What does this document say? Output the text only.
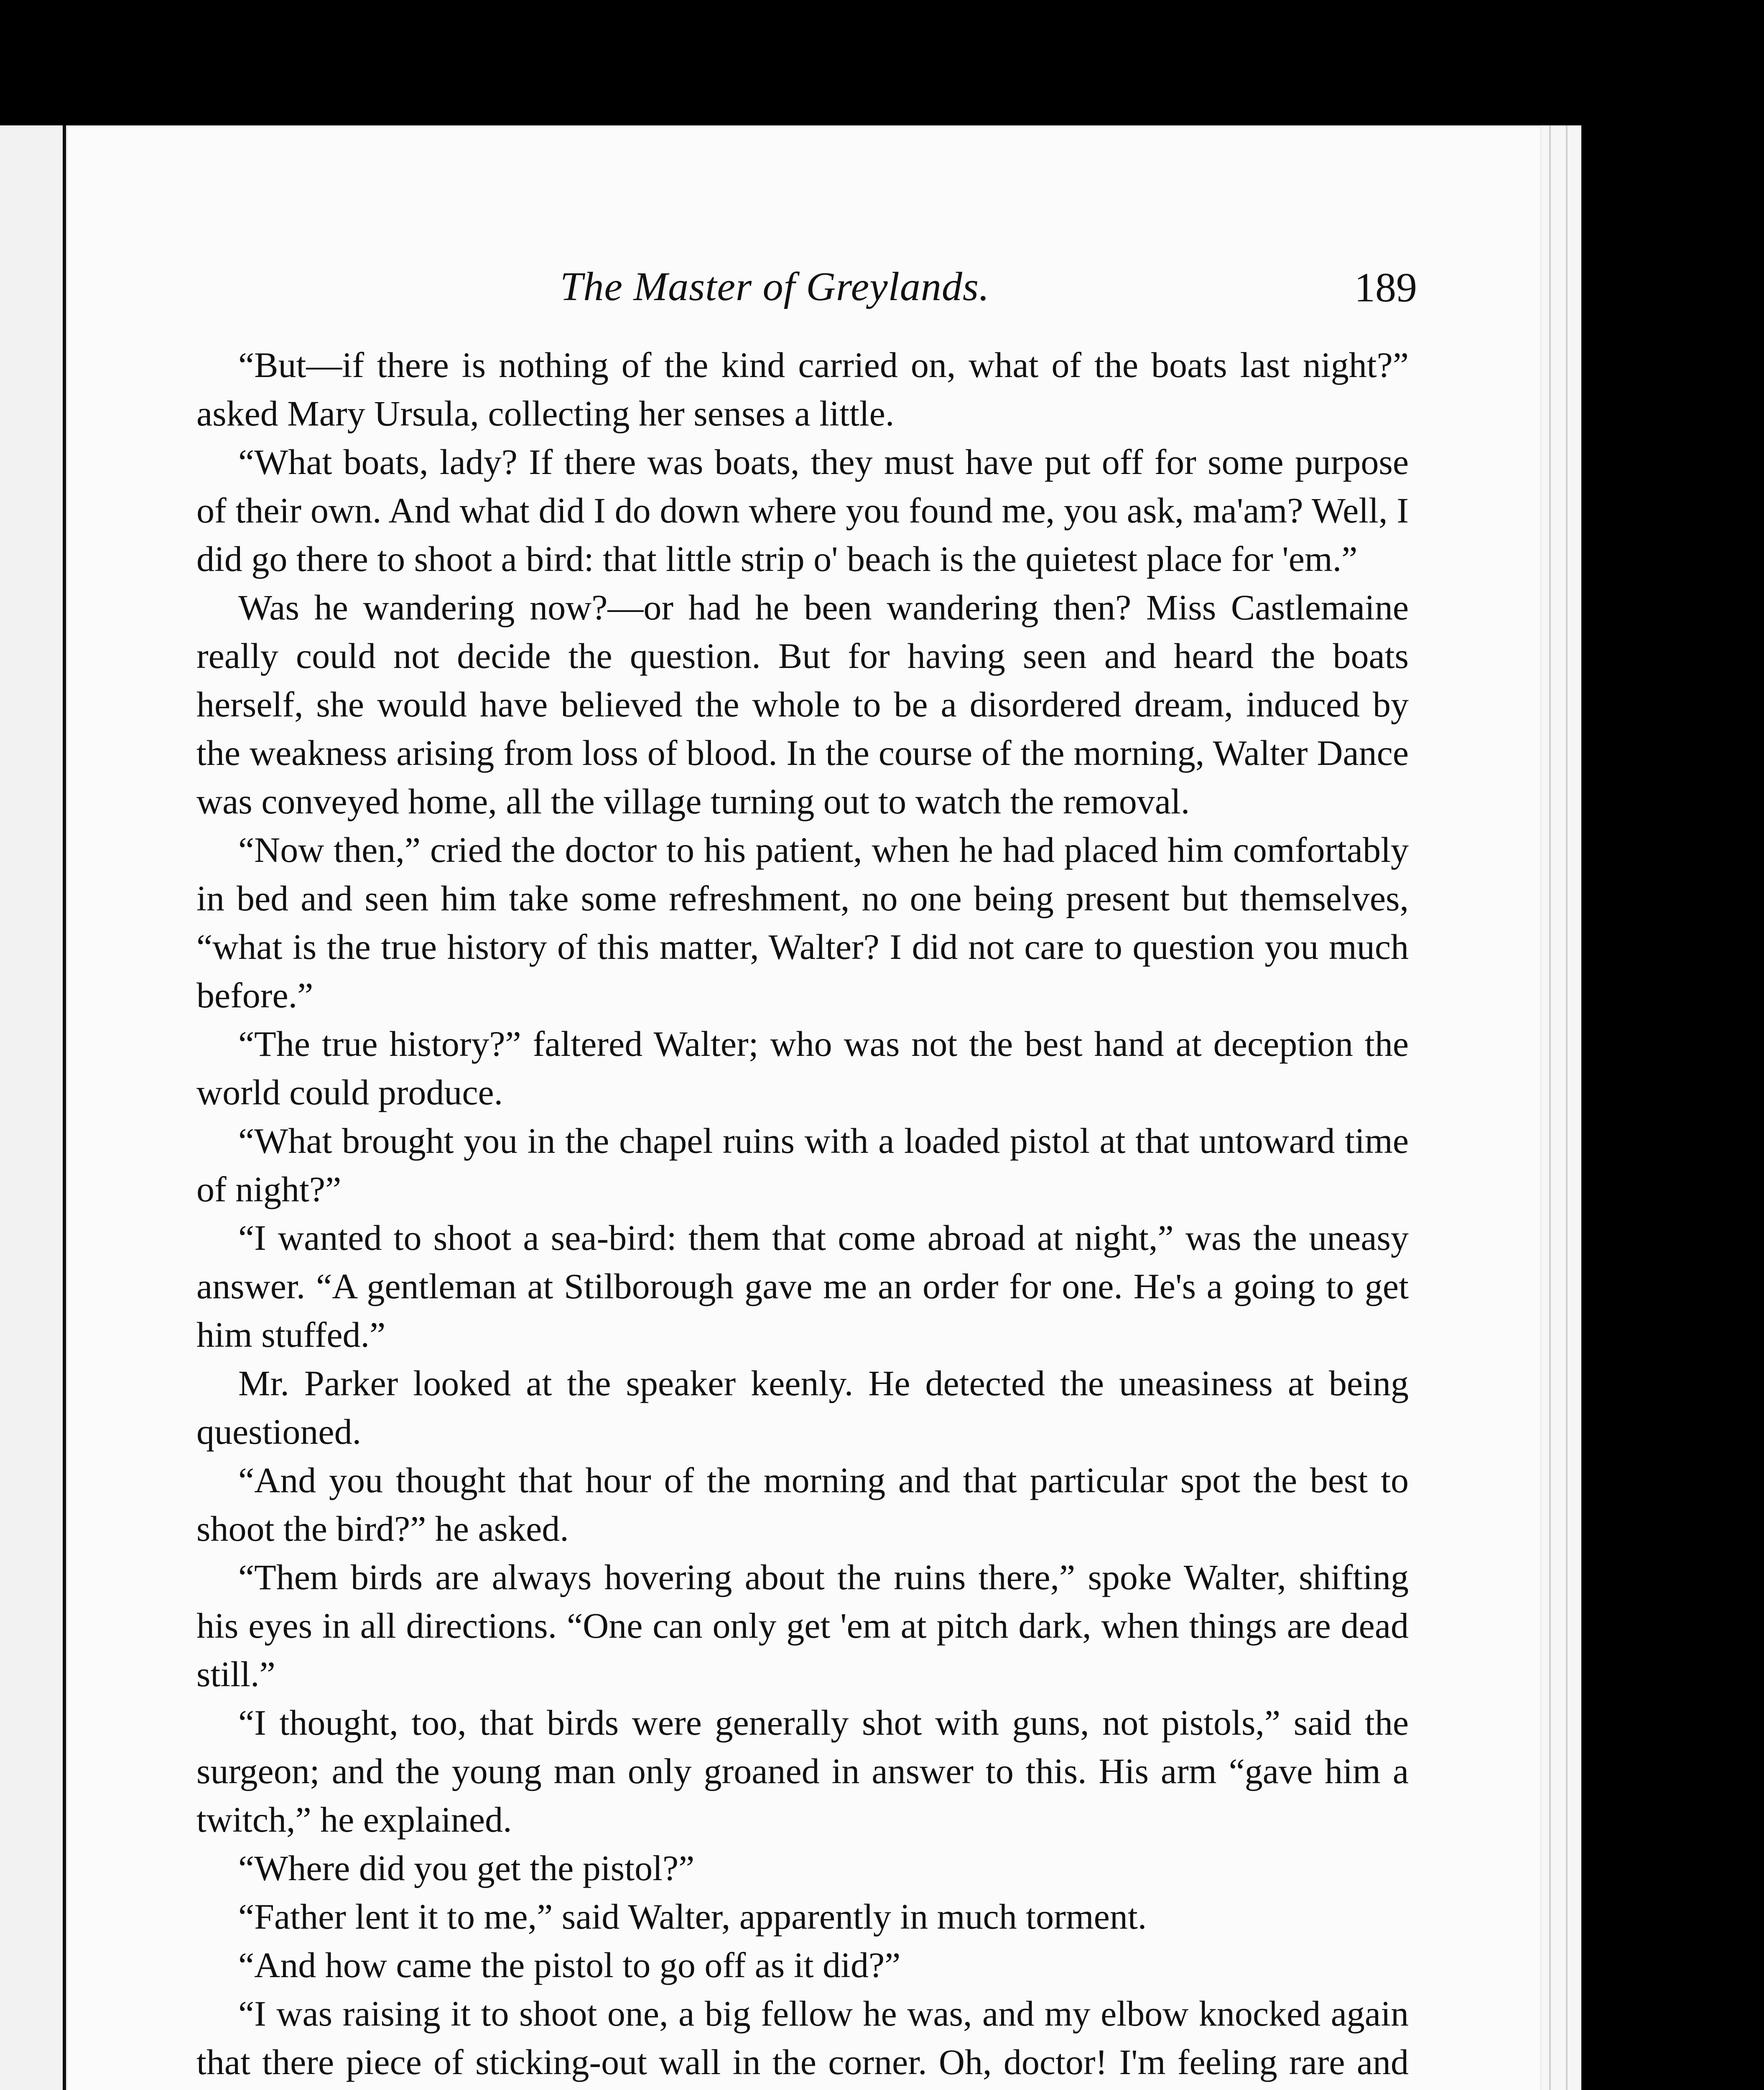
The Master of Greylands.	189

“But—if there is nothing of the kind carried on, what of the boats last night?” asked Mary Ursula, collecting her senses a little.

“What boats, lady? If there was boats, they must have put off for some purpose of their own. And what did I do down where you found me, you ask, ma'am? Well, I did go there to shoot a bird: that little strip o' beach is the quietest place for 'em.”

Was he wandering now?—or had he been wandering then? Miss Castlemaine really could not decide the question. But for having seen and heard the boats herself, she would have believed the whole to be a disordered dream, induced by the weakness arising from loss of blood. In the course of the morning, Walter Dance was conveyed home, all the village turning out to watch the removal.

“Now then,” cried the doctor to his patient, when he had placed him comfortably in bed and seen him take some refreshment, no one being present but themselves, “what is the true history of this matter, Walter? I did not care to question you much before.”

“The true history?” faltered Walter; who was not the best hand at deception the world could produce.

“What brought you in the chapel ruins with a loaded pistol at that untoward time of night?”

“I wanted to shoot a sea-bird: them that come abroad at night,” was the uneasy answer. “A gentleman at Stilborough gave me an order for one. He's a going to get him stuffed.”

Mr. Parker looked at the speaker keenly. He detected the uneasiness at being questioned.

“And you thought that hour of the morning and that particular spot the best to shoot the bird?” he asked.

“Them birds are always hovering about the ruins there,” spoke Walter, shifting his eyes in all directions. “One can only get 'em at pitch dark, when things are dead still.”

“I thought, too, that birds were generally shot with guns, not pistols,” said the surgeon; and the young man only groaned in answer to this. His arm “gave him a twitch,” he explained.

“Where did you get the pistol?”

“Father lent it to me,” said Walter, apparently in much torment.

“And how came the pistol to go off as it did?”

“I was raising it to shoot one, a big fellow he was, and my elbow knocked again that there piece of sticking-out wall in the corner. Oh, doctor! I'm feeling rare and
